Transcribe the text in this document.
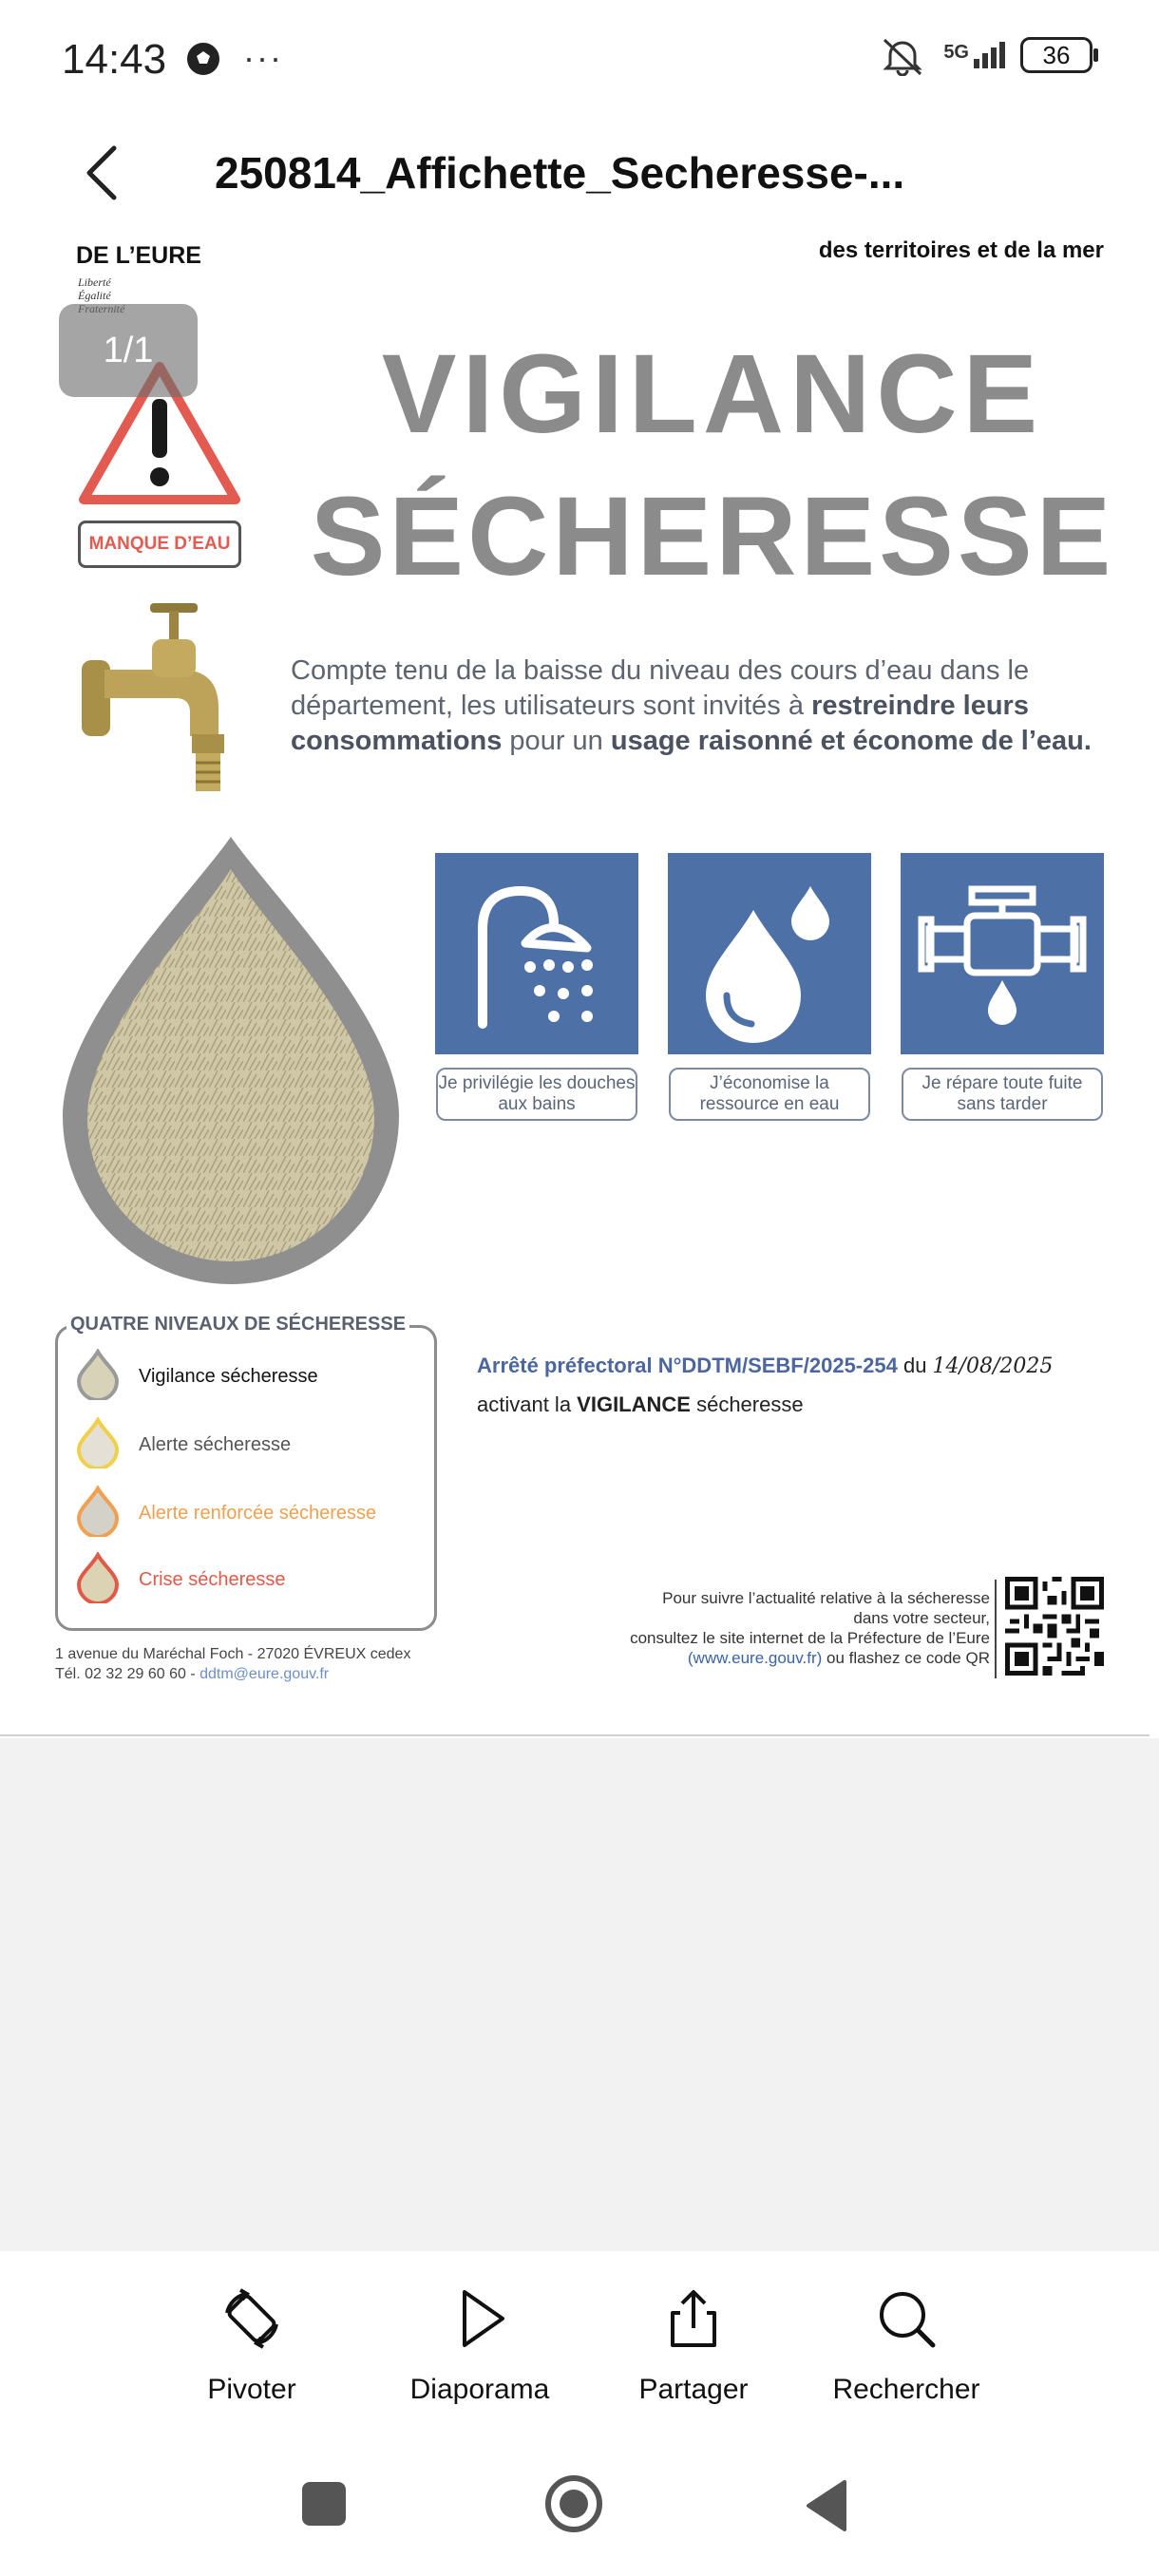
14:43 ···	5G	36
250814_Affichette_Secheresse-...
DE L’EURE
Liberté
Égalité
des territoires et de la mer
1/1
MANQUE D’EAU
VIGILANCE
SÉCHERESSE
Compte tenu de la baisse du niveau des cours d’eau dans le département, les utilisateurs sont invités à restreindre leurs consommations pour un usage raisonné et économe de l’eau.
Je privilégie les douches aux bains
J’économise la ressource en eau
Je répare toute fuite sans tarder
QUATRE NIVEAUX DE SÉCHERESSE
Vigilance sécheresse
Alerte sécheresse
Alerte renforcée sécheresse
Crise sécheresse
Arrêté préfectoral N°DDTM/SEBF/2025-254 du 14/08/2025
activant la VIGILANCE sécheresse
1 avenue du Maréchal Foch - 27020 ÉVREUX cedex
Tél. 02 32 29 60 60 - ddtm@eure.gouv.fr
Pour suivre l’actualité relative à la sécheresse
dans votre secteur,
consultez le site internet de la Préfecture de l’Eure
(www.eure.gouv.fr) ou flashez ce code QR
Pivoter	Diaporama	Partager	Rechercher
